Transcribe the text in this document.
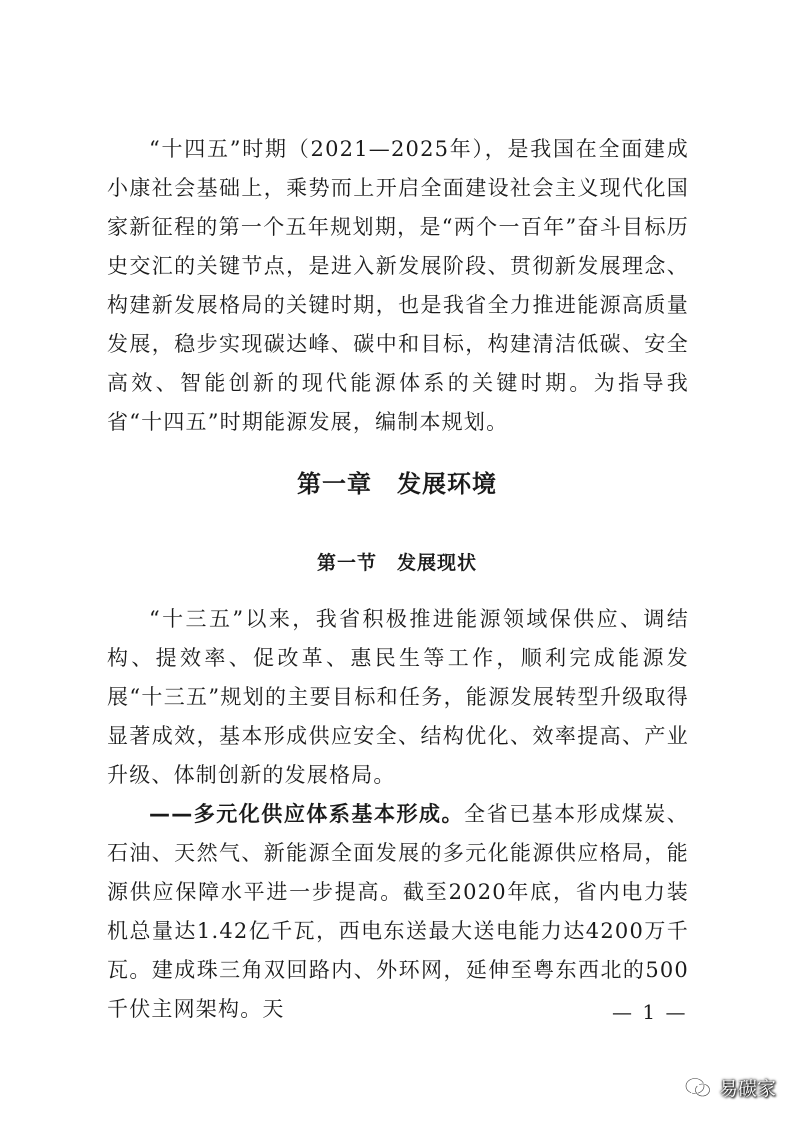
“十四五”时期（2021—2025年），是我国在全面建成小康社会基础上，乘势而上开启全面建设社会主义现代化国家新征程的第一个五年规划期，是“两个一百年”奋斗目标历史交汇的关键节点，是进入新发展阶段、贯彻新发展理念、构建新发展格局的关键时期，也是我省全力推进能源高质量发展，稳步实现碳达峰、碳中和目标，构建清洁低碳、安全高效、智能创新的现代能源体系的关键时期。为指导我省“十四五”时期能源发展，编制本规划。

第一章　发展环境
第一节　发展现状

“十三五”以来，我省积极推进能源领域保供应、调结构、提效率、促改革、惠民生等工作，顺利完成能源发展“十三五”规划的主要目标和任务，能源发展转型升级取得显著成效，基本形成供应安全、结构优化、效率提高、产业升级、体制创新的发展格局。

——多元化供应体系基本形成。全省已基本形成煤炭、石油、天然气、新能源全面发展的多元化能源供应格局，能源供应保障水平进一步提高。截至2020年底，省内电力装机总量达1.42亿千瓦，西电东送最大送电能力达4200万千瓦。建成珠三角双回路内、外环网，延伸至粤东西北的500千伏主网架构。天	— 1 —
易碳家
